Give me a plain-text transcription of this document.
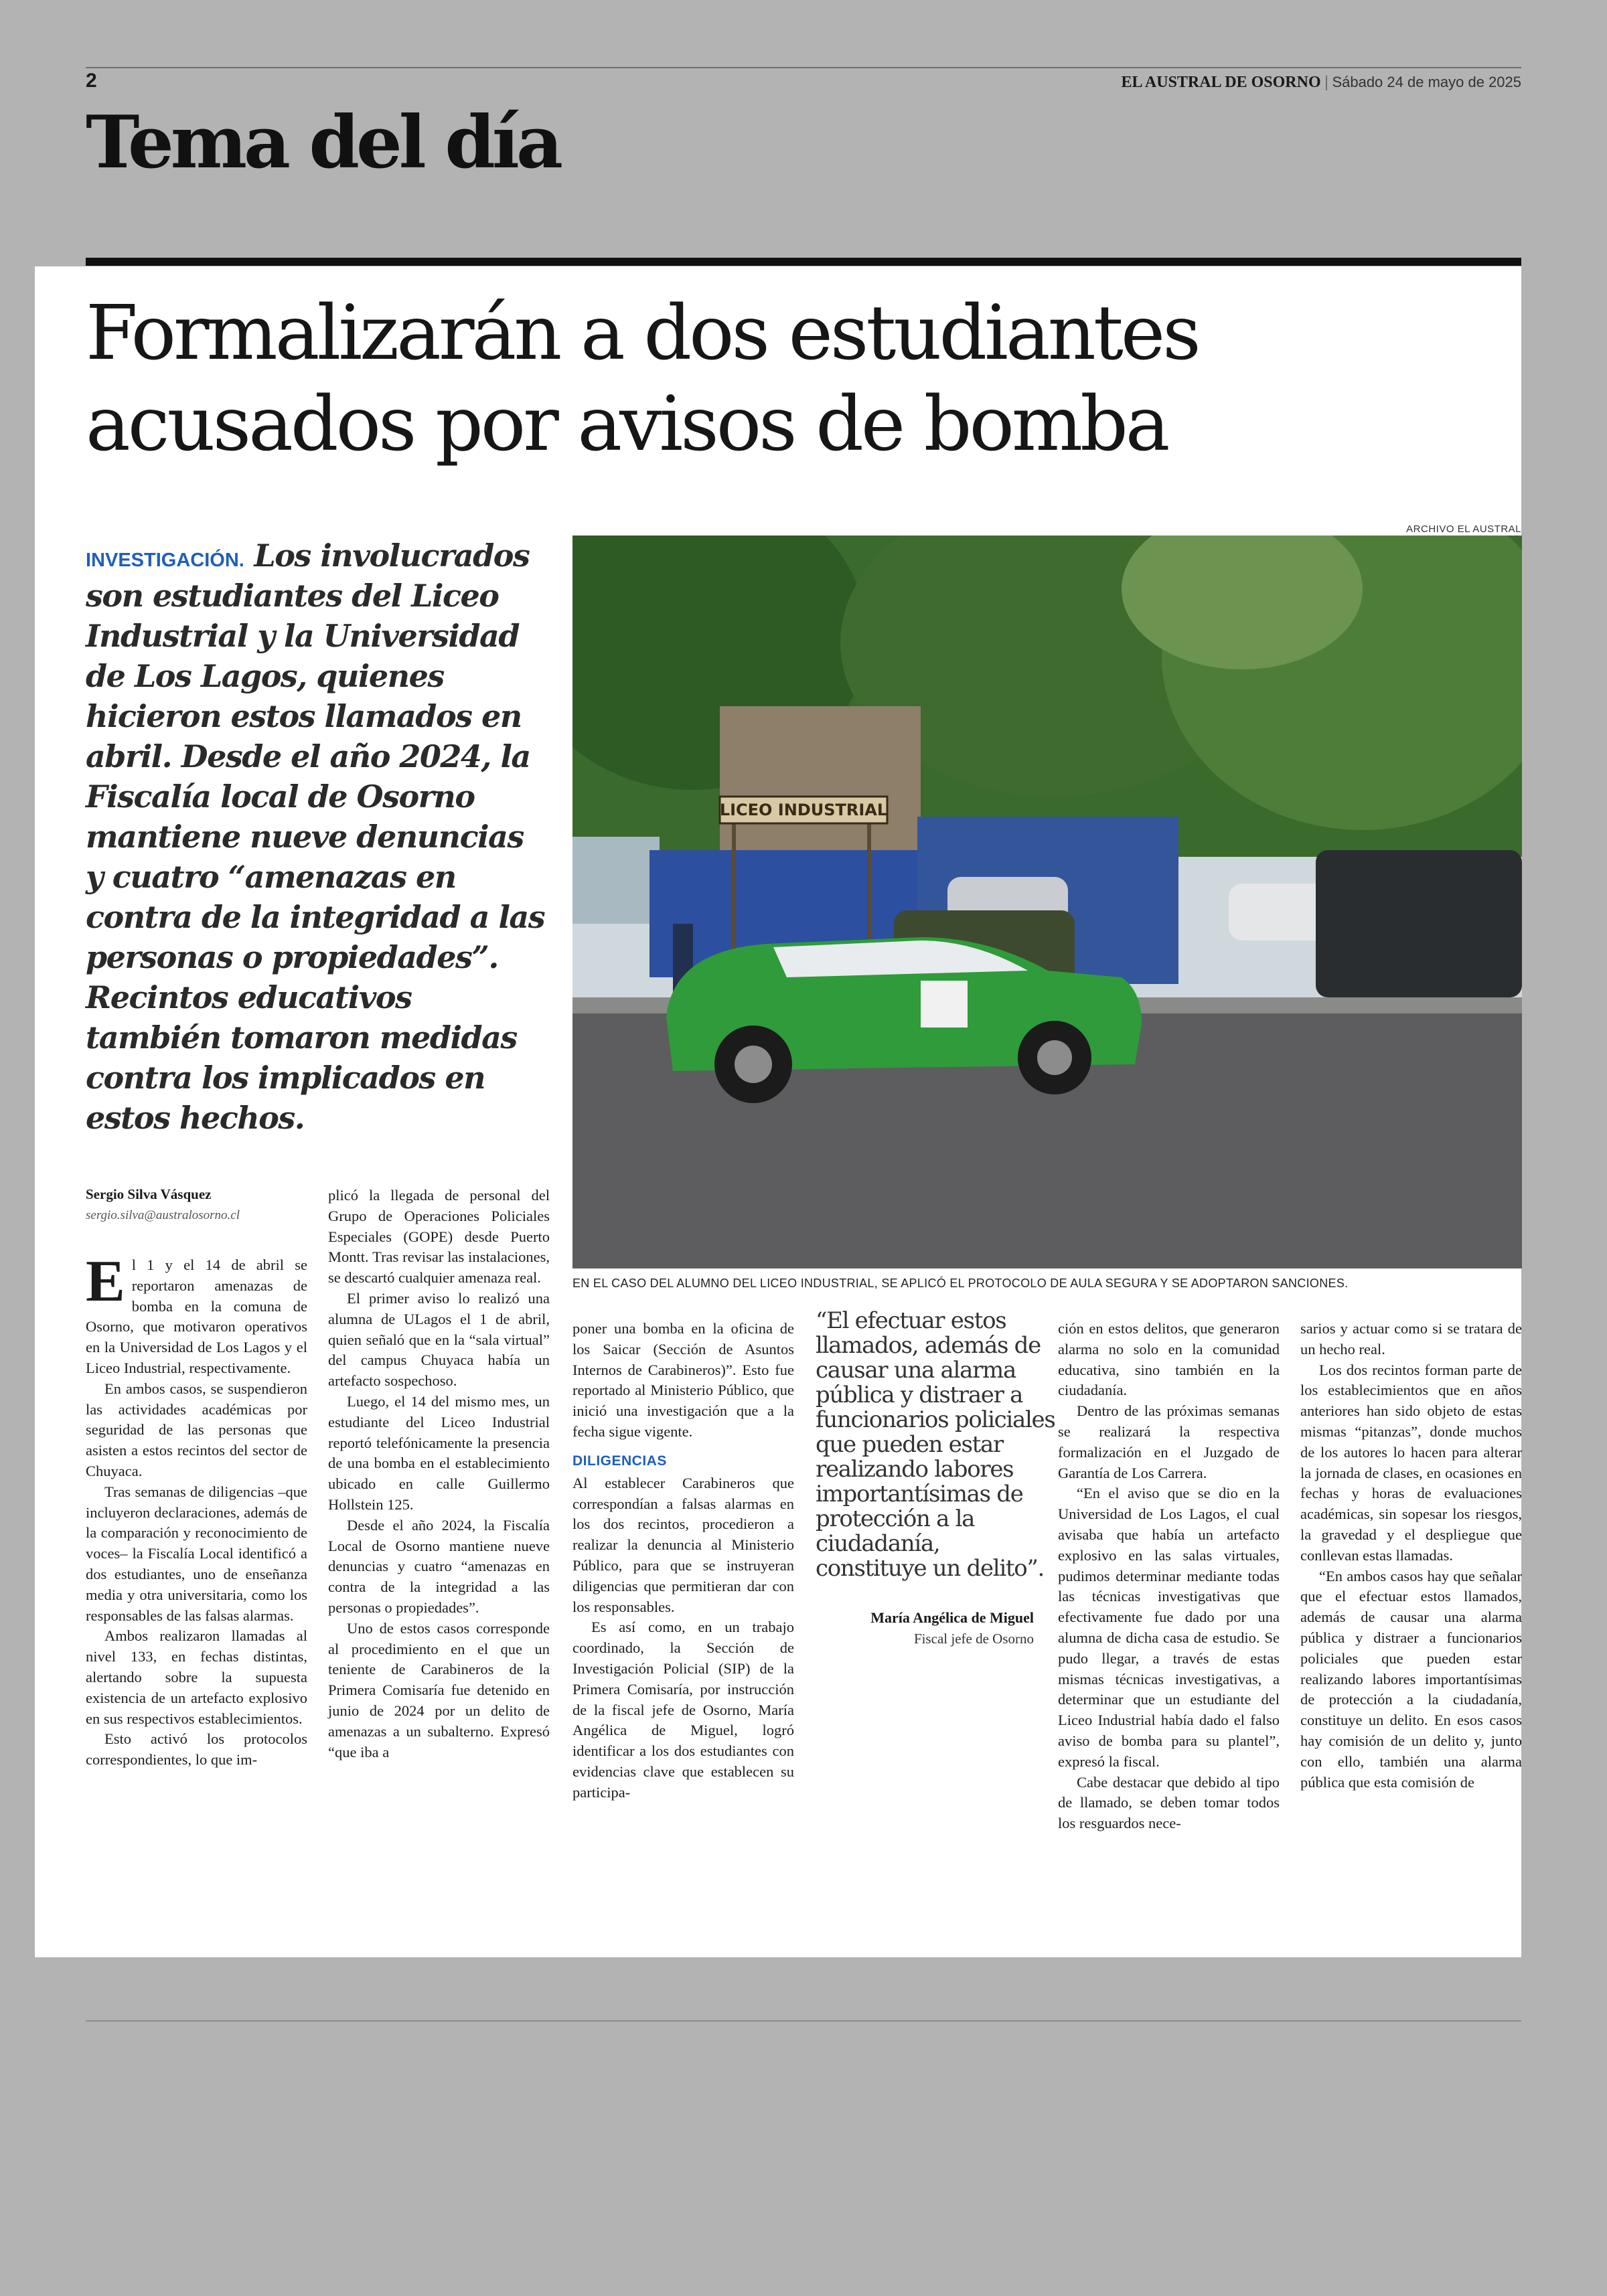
2	EL AUSTRAL DE OSORNO | Sábado 24 de mayo de 2025
Tema del día
Formalizarán a dos estudiantes acusados por avisos de bomba
ARCHIVO EL AUSTRAL
INVESTIGACIÓN. Los involucrados son estudiantes del Liceo Industrial y la Universidad de Los Lagos, quienes hicieron estos llamados en abril. Desde el año 2024, la Fiscalía local de Osorno mantiene nueve denuncias y cuatro “amenazas en contra de la integridad a las personas o propiedades”. Recintos educativos también tomaron medidas contra los implicados en estos hechos.
LICEO INDUSTRIAL
EN EL CASO DEL ALUMNO DEL LICEO INDUSTRIAL, SE APLICÓ EL PROTOCOLO DE AULA SEGURA Y SE ADOPTARON SANCIONES.
Sergio Silva Vásquez
sergio.silva@australosorno.cl

El 1 y el 14 de abril se reportaron amenazas de bomba en la comuna de Osorno, que motivaron operativos en la Universidad de Los Lagos y el Liceo Industrial, respectivamente.

En ambos casos, se suspendieron las actividades académicas por seguridad de las personas que asisten a estos recintos del sector de Chuyaca.

Tras semanas de diligencias –que incluyeron declaraciones, además de la comparación y reconocimiento de voces– la Fiscalía Local identificó a dos estudiantes, uno de enseñanza media y otra universitaria, como los responsables de las falsas alarmas.

Ambos realizaron llamadas al nivel 133, en fechas distintas, alertando sobre la supuesta existencia de un artefacto explosivo en sus respectivos establecimientos.

Esto activó los protocolos correspondientes, lo que im-

plicó la llegada de personal del Grupo de Operaciones Policiales Especiales (GOPE) desde Puerto Montt. Tras revisar las instalaciones, se descartó cualquier amenaza real.

El primer aviso lo realizó una alumna de ULagos el 1 de abril, quien señaló que en la “sala virtual” del campus Chuyaca había un artefacto sospechoso.

Luego, el 14 del mismo mes, un estudiante del Liceo Industrial reportó telefónicamente la presencia de una bomba en el establecimiento ubicado en calle Guillermo Hollstein 125.

Desde el año 2024, la Fiscalía Local de Osorno mantiene nueve denuncias y cuatro “amenazas en contra de la integridad a las personas o propiedades”.

Uno de estos casos corresponde al procedimiento en el que un teniente de Carabineros de la Primera Comisaría fue detenido en junio de 2024 por un delito de amenazas a un subalterno. Expresó “que iba a

poner una bomba en la oficina de los Saicar (Sección de Asuntos Internos de Carabineros)”. Esto fue reportado al Ministerio Público, que inició una investigación que a la fecha sigue vigente.

DILIGENCIAS

Al establecer Carabineros que correspondían a falsas alarmas en los dos recintos, procedieron a realizar la denuncia al Ministerio Público, para que se instruyeran diligencias que permitieran dar con los responsables.

Es así como, en un trabajo coordinado, la Sección de Investigación Policial (SIP) de la Primera Comisaría, por instrucción de la fiscal jefe de Osorno, María Angélica de Miguel, logró identificar a los dos estudiantes con evidencias clave que establecen su participa-

“El efectuar estos llamados, además de causar una alarma pública y distraer a funcionarios policiales que pueden estar realizando labores importantísimas de protección a la ciudadanía, constituye un delito”.
María Angélica de Miguel
Fiscal jefe de Osorno

ción en estos delitos, que generaron alarma no solo en la comunidad educativa, sino también en la ciudadanía.

Dentro de las próximas semanas se realizará la respectiva formalización en el Juzgado de Garantía de Los Carrera.

“En el aviso que se dio en la Universidad de Los Lagos, el cual avisaba que había un artefacto explosivo en las salas virtuales, pudimos determinar mediante todas las técnicas investigativas que efectivamente fue dado por una alumna de dicha casa de estudio. Se pudo llegar, a través de estas mismas técnicas investigativas, a determinar que un estudiante del Liceo Industrial había dado el falso aviso de bomba para su plantel”, expresó la fiscal.

Cabe destacar que debido al tipo de llamado, se deben tomar todos los resguardos nece-

sarios y actuar como si se tratara de un hecho real.

Los dos recintos forman parte de los establecimientos que en años anteriores han sido objeto de estas mismas “pitanzas”, donde muchos de los autores lo hacen para alterar la jornada de clases, en ocasiones en fechas y horas de evaluaciones académicas, sin sopesar los riesgos, la gravedad y el despliegue que conllevan estas llamadas.

“En ambos casos hay que señalar que el efectuar estos llamados, además de causar una alarma pública y distraer a funcionarios policiales que pueden estar realizando labores importantísimas de protección a la ciudadanía, constituye un delito. En esos casos hay comisión de un delito y, junto con ello, también una alarma pública que esta comisión de
